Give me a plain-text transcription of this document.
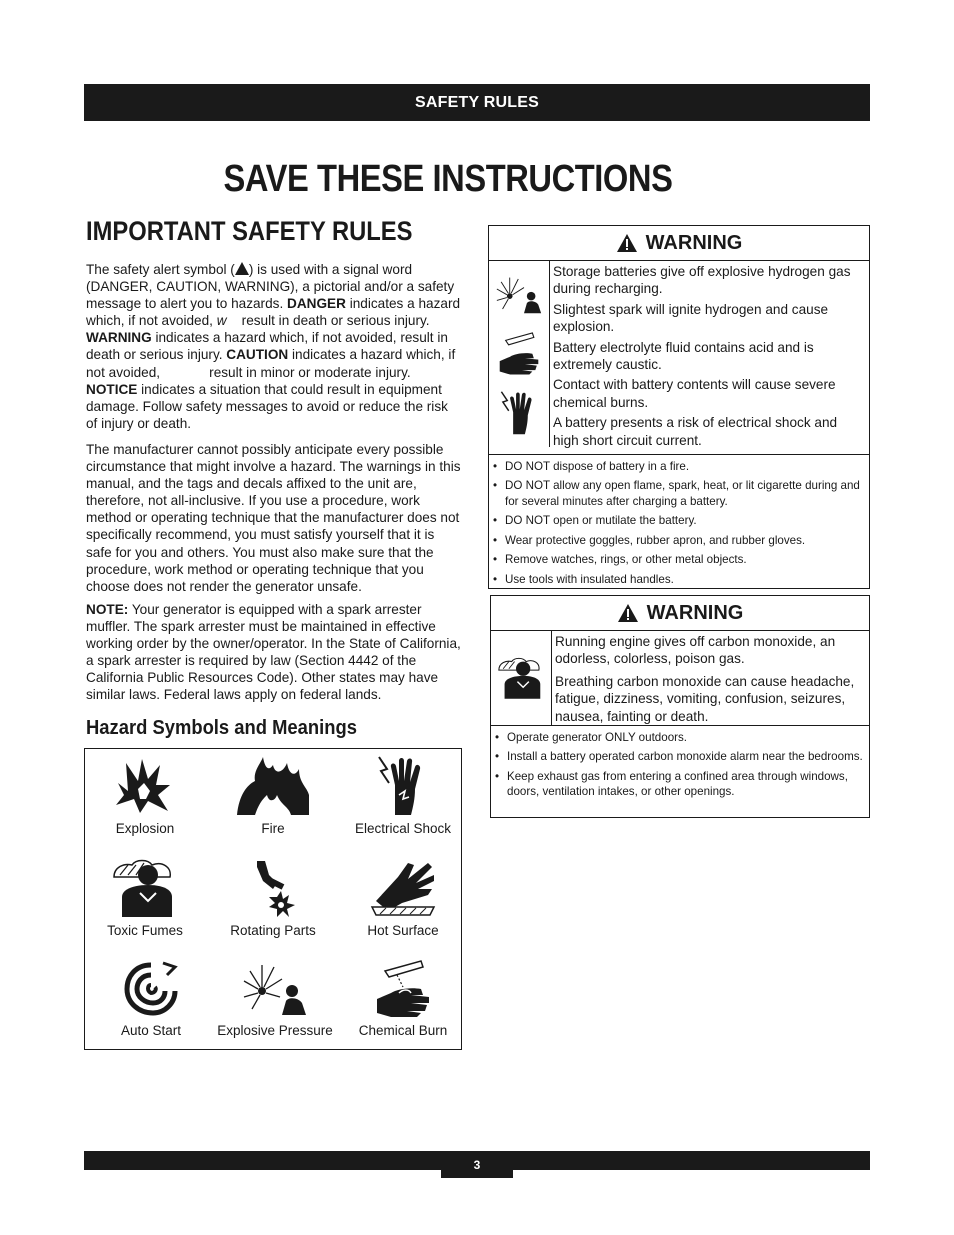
SAFETY RULES
SAVE THESE INSTRUCTIONS
IMPORTANT SAFETY RULES

The safety alert symbol ( ) is used with a signal word (DANGER, CAUTION, WARNING), a pictorial and/or a safety message to alert you to hazards. DANGER indicates a hazard which, if not avoided, w    result in death or serious injury. WARNING indicates a hazard which, if not avoided, result in death or serious injury. CAUTION indicates a hazard which, if not avoided,             result in minor or moderate injury. NOTICE indicates a situation that could result in equipment damage. Follow safety messages to avoid or reduce the risk of injury or death.

The manufacturer cannot possibly anticipate every possible circumstance that might involve a hazard. The warnings in this manual, and the tags and decals affixed to the unit are, therefore, not all-inclusive. If you use a procedure, work method or operating technique that the manufacturer does not specifically recommend, you must satisfy yourself that it is safe for you and others. You must also make sure that the procedure, work method or operating technique that you choose does not render the generator unsafe.

NOTE: Your generator is equipped with a spark arrester muffler. The spark arrester must be maintained in effective working order by the owner/operator. In the State of California, a spark arrester is required by law (Section 4442 of the California Public Resources Code). Other states may have similar laws. Federal laws apply on federal lands.

Hazard Symbols and Meanings
Explosion	Fire	Electrical Shock
Toxic Fumes	Rotating Parts	Hot Surface
Auto Start	Explosive Pressure	Chemical Burn
WARNING
Storage batteries give off explosive hydrogen gas during recharging.
Slightest spark will ignite hydrogen and cause explosion.
Battery electrolyte fluid contains acid and is extremely caustic.
Contact with battery contents will cause severe chemical burns.
A battery presents a risk of electrical shock and high short circuit current.
• DO NOT dispose of battery in a fire.
• DO NOT allow any open flame, spark, heat, or lit cigarette during and for several minutes after charging a battery.
• DO NOT open or mutilate the battery.
• Wear protective goggles, rubber apron, and rubber gloves.
• Remove watches, rings, or other metal objects.
• Use tools with insulated handles.
WARNING
Running engine gives off carbon monoxide, an odorless, colorless, poison gas.
Breathing carbon monoxide can cause headache, fatigue, dizziness, vomiting, confusion, seizures, nausea, fainting or death.
• Operate generator ONLY outdoors.
• Install a battery operated carbon monoxide alarm near the bedrooms.
• Keep exhaust gas from entering a confined area through windows, doors, ventilation intakes, or other openings.
3
